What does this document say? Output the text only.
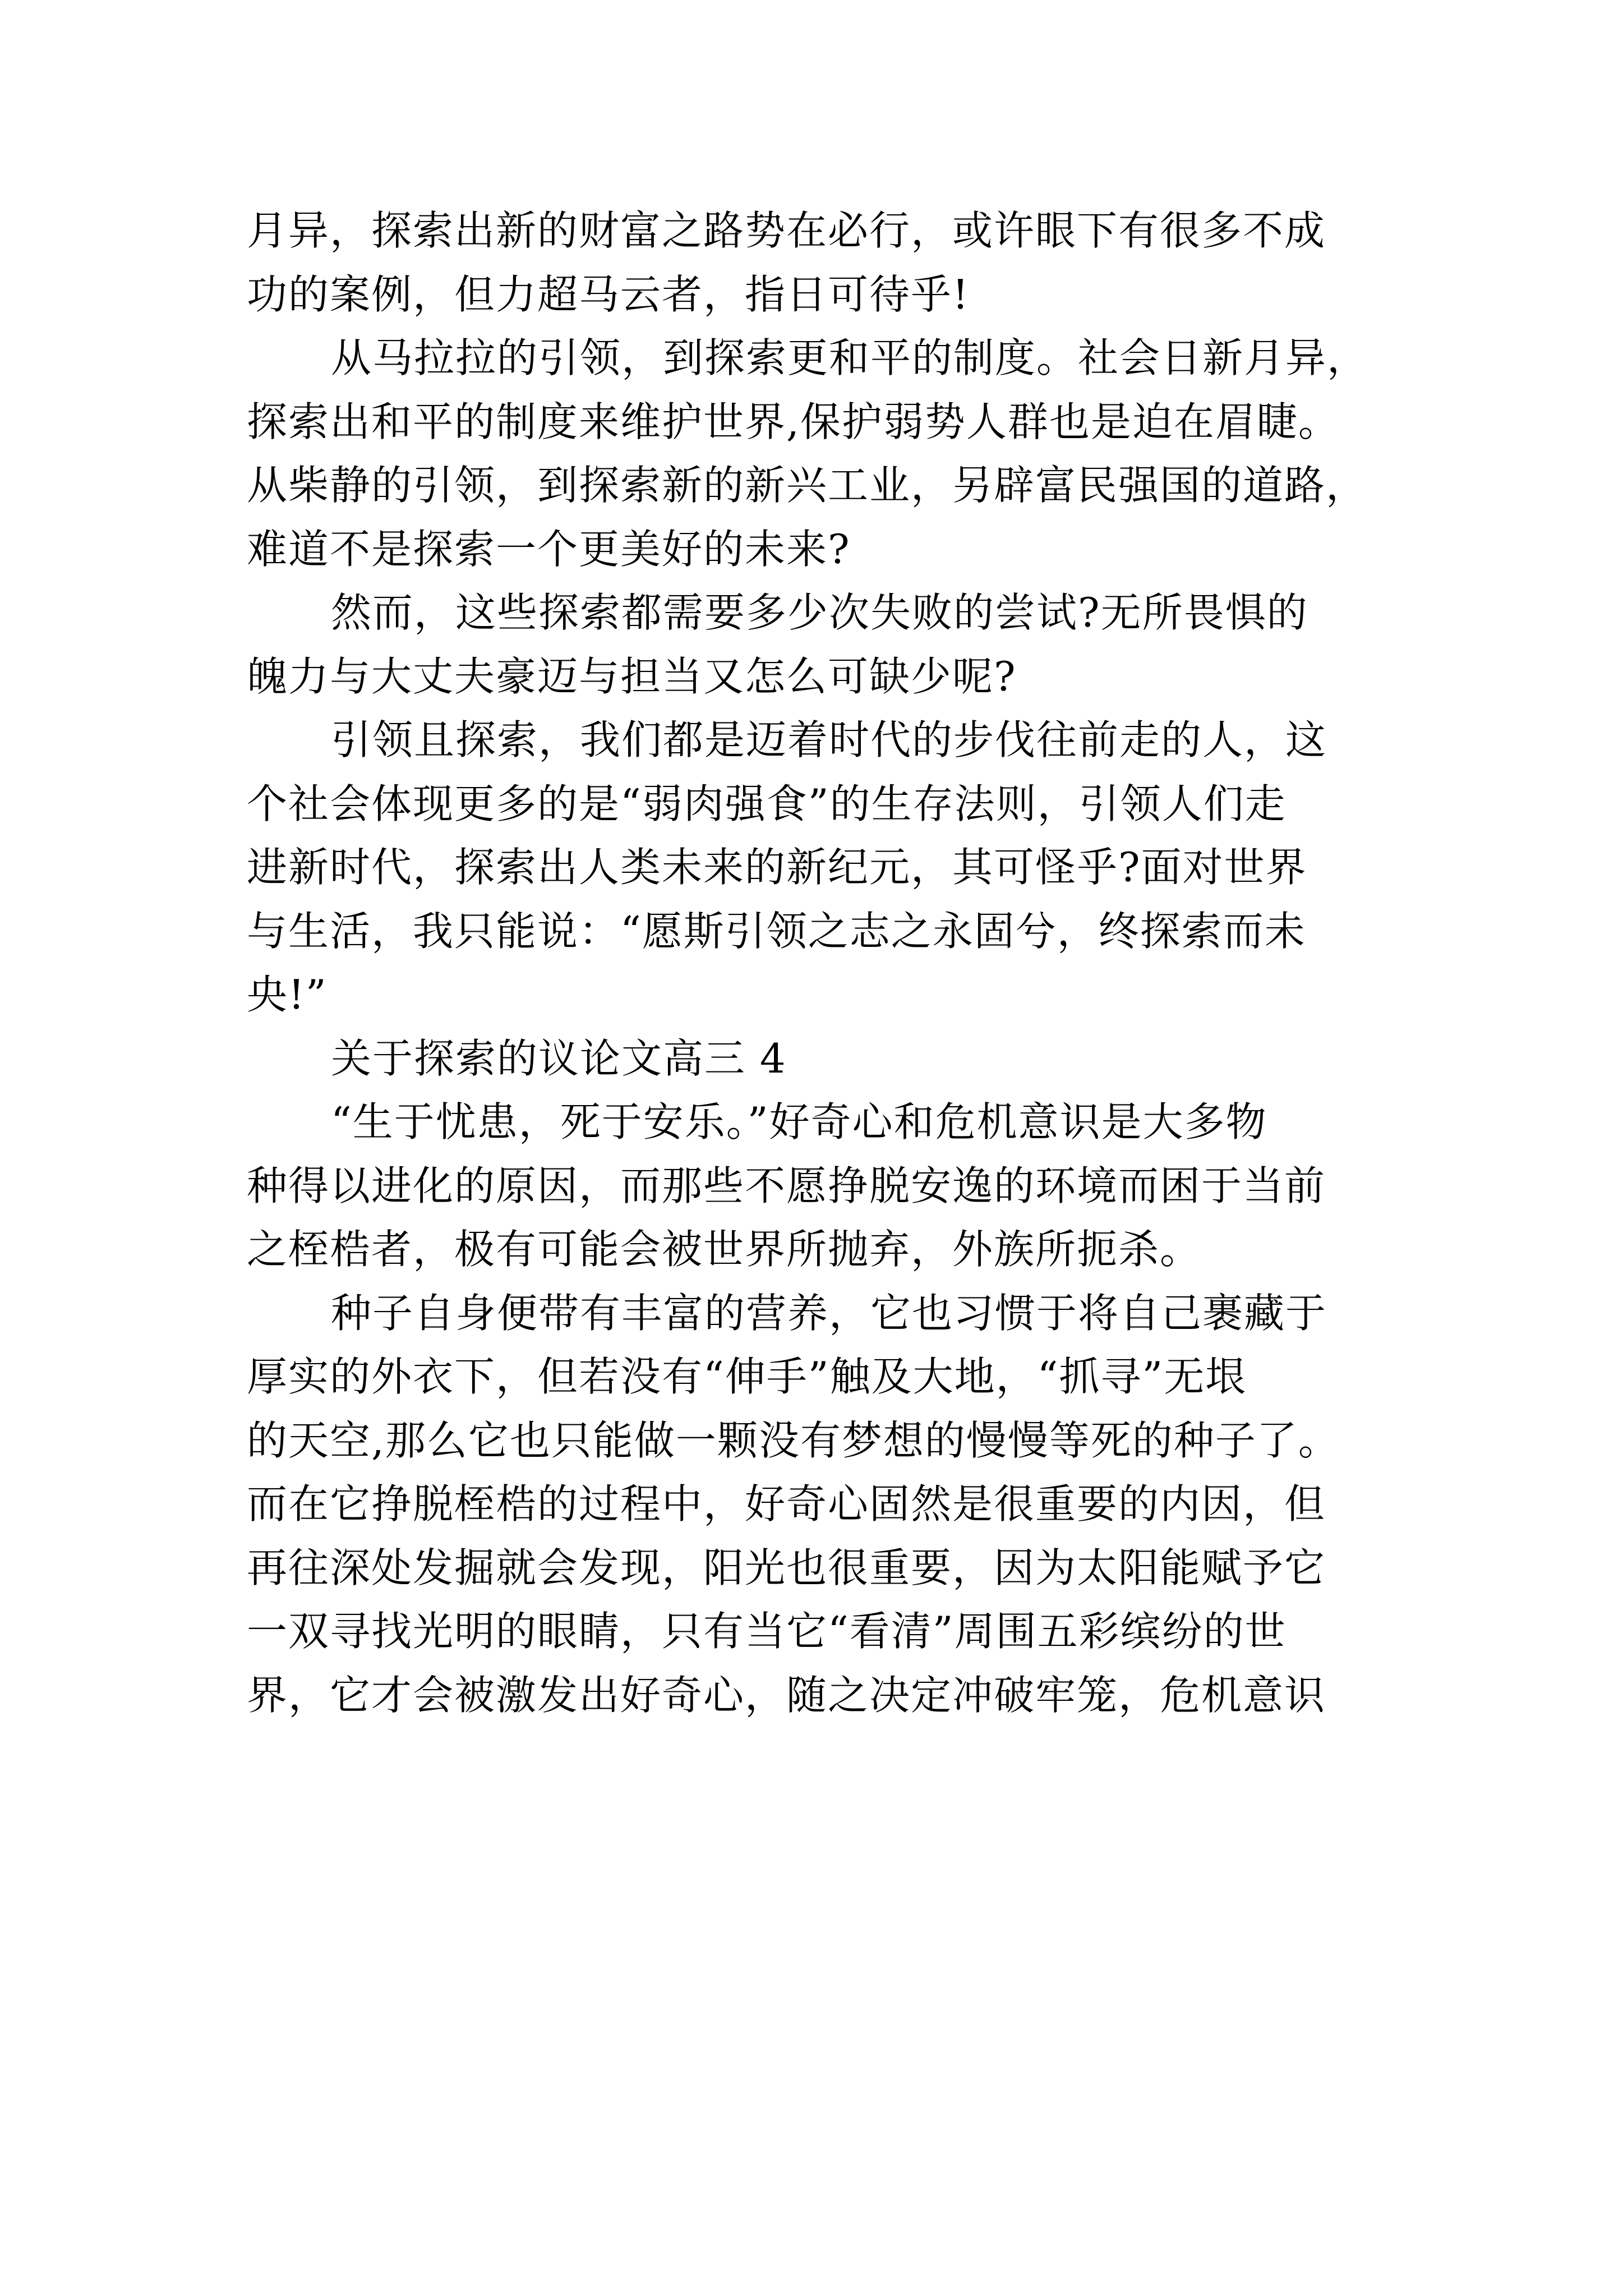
月异，探索出新的财富之路势在必行，或许眼下有很多不成
功的案例，但力超马云者，指日可待乎!
从马拉拉的引领，到探索更和平的制度。社会日新月异，
探索出和平的制度来维护世界,保护弱势人群也是迫在眉睫。
从柴静的引领，到探索新的新兴工业，另辟富民强国的道路，
难道不是探索一个更美好的未来?
然而，这些探索都需要多少次失败的尝试?无所畏惧的
魄力与大丈夫豪迈与担当又怎么可缺少呢?
引领且探索，我们都是迈着时代的步伐往前走的人，这
个社会体现更多的是“弱肉强食”的生存法则，引领人们走
进新时代，探索出人类未来的新纪元，其可怪乎?面对世界
与生活，我只能说：“愿斯引领之志之永固兮，终探索而未
央!”
关于探索的议论文高三 4
“生于忧患，死于安乐。”好奇心和危机意识是大多物
种得以进化的原因，而那些不愿挣脱安逸的环境而困于当前
之桎梏者，极有可能会被世界所抛弃，外族所扼杀。
种子自身便带有丰富的营养，它也习惯于将自己裹藏于
厚实的外衣下，但若没有“伸手”触及大地，“抓寻”无垠
的天空,那么它也只能做一颗没有梦想的慢慢等死的种子了。
而在它挣脱桎梏的过程中，好奇心固然是很重要的内因，但
再往深处发掘就会发现，阳光也很重要，因为太阳能赋予它
一双寻找光明的眼睛，只有当它“看清”周围五彩缤纷的世
界，它才会被激发出好奇心，随之决定冲破牢笼，危机意识
